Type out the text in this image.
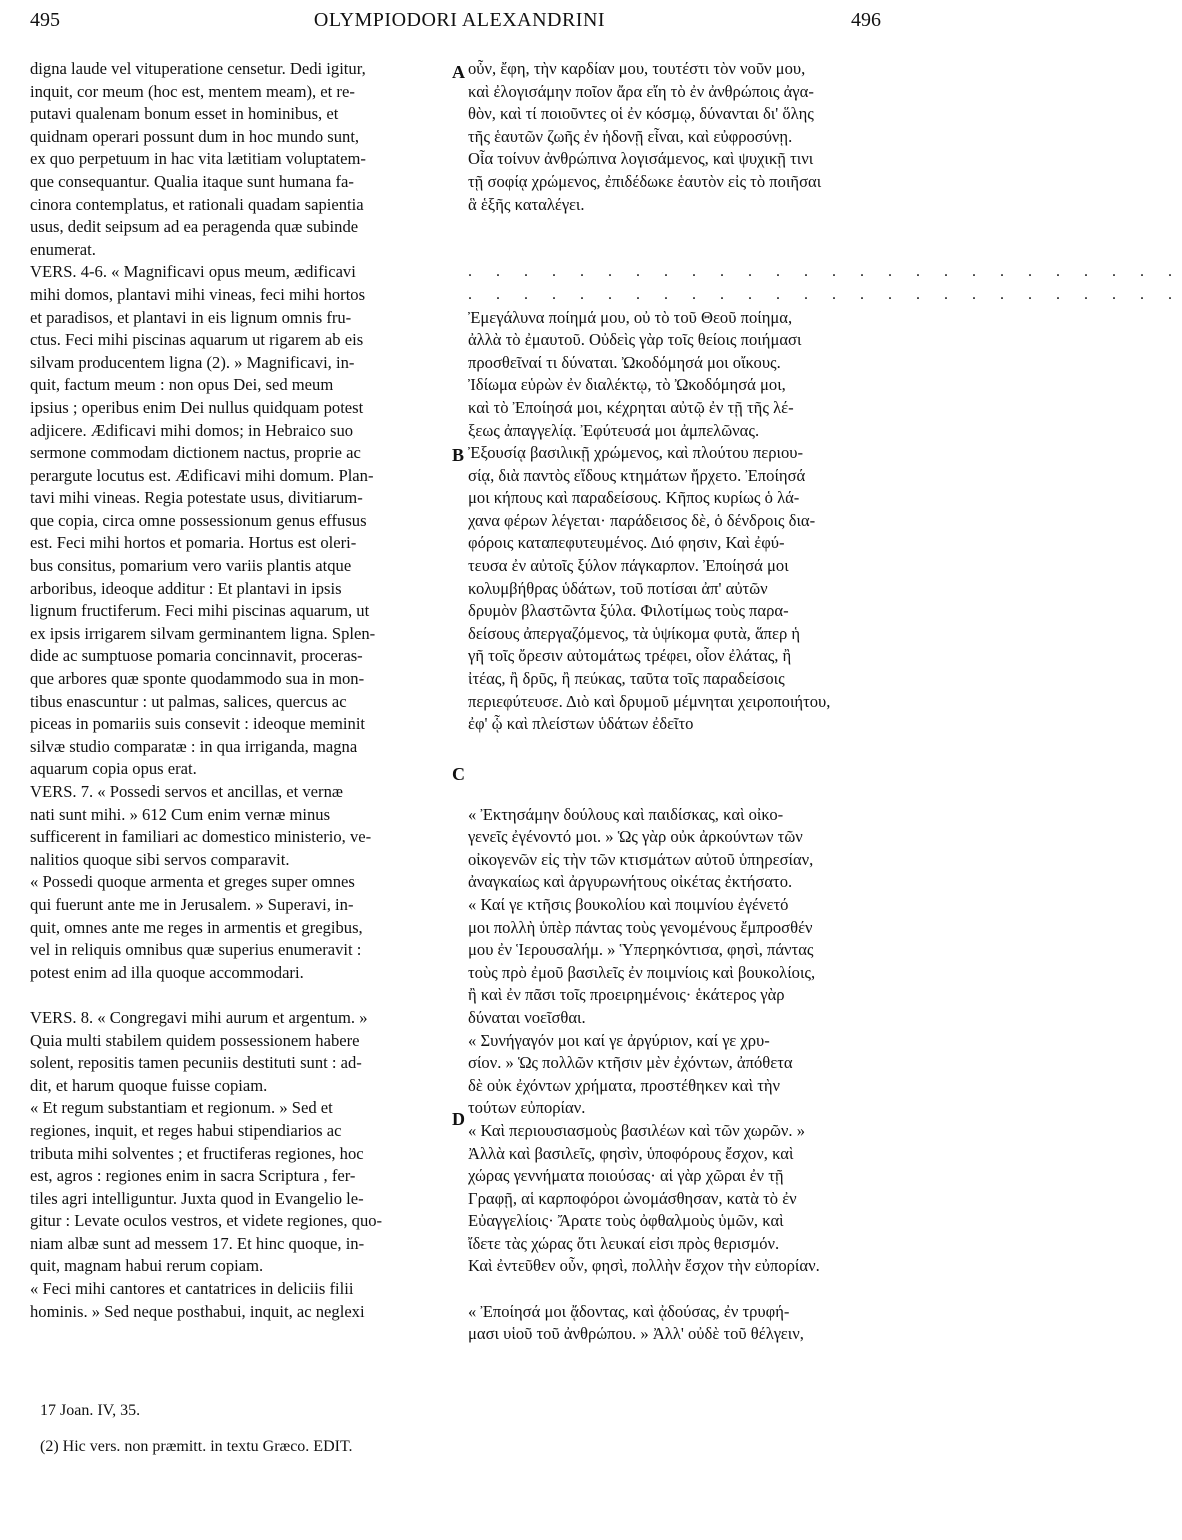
495	OLYMPIODORI ALEXANDRINI	496
digna laude vel vituperatione censetur. Dedi igitur,
inquit, cor meum (hoc est, mentem meam), et re-
putavi qualenam bonum esset in hominibus, et
quidnam operari possunt dum in hoc mundo sunt,
ex quo perpetuum in hac vita lætitiam voluptatem-
que consequantur. Qualia itaque sunt humana fa-
cinora contemplatus, et rationali quadam sapientia
usus, dedit seipsum ad ea peragenda quæ subinde
enumerat.
VERS. 4-6. « Magnificavi opus meum, ædificavi
mihi domos, plantavi mihi vineas, feci mihi hortos
et paradisos, et plantavi in eis lignum omnis fru-
ctus. Feci mihi piscinas aquarum ut rigarem ab eis
silvam producentem ligna (2). » Magnificavi, in-
quit, factum meum : non opus Dei, sed meum
ipsius ; operibus enim Dei nullus quidquam potest
adjicere. Ædificavi mihi domos; in Hebraico suo
sermone commodam dictionem nactus, proprie ac
perargute locutus est. Ædificavi mihi domum. Plan-
tavi mihi vineas. Regia potestate usus, divitiarum-
que copia, circa omne possessionum genus effusus
est. Feci mihi hortos et pomaria. Hortus est oleri-
bus consitus, pomarium vero variis plantis atque
arboribus, ideoque additur : Et plantavi in ipsis
lignum fructiferum. Feci mihi piscinas aquarum, ut
ex ipsis irrigarem silvam germinantem ligna. Splen-
dide ac sumptuose pomaria concinnavit, proceras-
que arbores quæ sponte quodammodo sua in mon-
tibus enascuntur : ut palmas, salices, quercus ac
piceas in pomariis suis consevit : ideoque meminit
silvæ studio comparatæ : in qua irriganda, magna
aquarum copia opus erat.
VERS. 7. « Possedi servos et ancillas, et vernæ
nati sunt mihi. » 612 Cum enim vernæ minus
sufficerent in familiari ac domestico ministerio, ve-
nalitios quoque sibi servos comparavit.
« Possedi quoque armenta et greges super omnes
qui fuerunt ante me in Jerusalem. » Superavi, in-
quit, omnes ante me reges in armentis et gregibus,
vel in reliquis omnibus quæ superius enumeravit :
potest enim ad illa quoque accommodari.
VERS. 8. « Congregavi mihi aurum et argentum. »
Quia multi stabilem quidem possessionem habere
solent, repositis tamen pecuniis destituti sunt : ad-
dit, et harum quoque fuisse copiam.
« Et regum substantiam et regionum. » Sed et
regiones, inquit, et reges habui stipendiarios ac
tributa mihi solventes ; et fructiferas regiones, hoc
est, agros : regiones enim in sacra Scriptura , fer-
tiles agri intelliguntur. Juxta quod in Evangelio le-
gitur : Levate oculos vestros, et videte regiones, quo-
niam albæ sunt ad messem 17. Et hinc quoque, in-
quit, magnam habui rerum copiam.
« Feci mihi cantores et cantatrices in deliciis filii
hominis. » Sed neque posthabui, inquit, ac neglexi
οὖν, ἔφη, τὴν καρδίαν μου, τουτέστι τὸν νοῦν μου,
καὶ ἐλογισάμην ποῖον ἄρα εἴη τὸ ἐν ἀνθρώποις ἀγα-
θὸν, καὶ τί ποιοῦντες οἱ ἐν κόσμῳ, δύνανται δι' ὅλης
τῆς ἑαυτῶν ζωῆς ἐν ἡδονῇ εἶναι, καὶ εὐφροσύνῃ.
Οἷα τοίνυν ἀνθρώπινα λογισάμενος, καὶ ψυχικῇ τινι
τῇ σοφίᾳ χρώμενος, ἐπιδέδωκε ἑαυτὸν εἰς τὸ ποιῆσαι
ἃ ἑξῆς καταλέγει.
. . . . . . . . . . . . . . . . . . . . . . . . . .
. . . . . . . . . . . . . . . . . . . . . . . . . .
Ἐμεγάλυνα ποίημά μου, οὐ τὸ τοῦ Θεοῦ ποίημα,
ἀλλὰ τὸ ἐμαυτοῦ. Οὐδεὶς γὰρ τοῖς θείοις ποιήμασι
προσθεῖναί τι δύναται. Ὠκοδόμησά μοι οἴκους.
Ἰδίωμα εὑρὼν ἐν διαλέκτῳ, τὸ Ὠκοδόμησά μοι,
καὶ τὸ Ἐποίησά μοι, κέχρηται αὐτῷ ἐν τῇ τῆς λέ-
ξεως ἀπαγγελίᾳ. Ἐφύτευσά μοι ἀμπελῶνας.
Ἐξουσίᾳ βασιλικῇ χρώμενος, καὶ πλούτου περιου-
σίᾳ, διὰ παντὸς εἴδους κτημάτων ἤρχετο. Ἐποίησά
μοι κήπους καὶ παραδείσους. Κῆπος κυρίως ὁ λά-
χανα φέρων λέγεται· παράδεισος δὲ, ὁ δένδροις δια-
φόροις καταπεφυτευμένος. Διό φησιν, Καὶ ἐφύ-
τευσα ἐν αὐτοῖς ξύλον πάγκαρπον. Ἐποίησά μοι
κολυμβήθρας ὑδάτων, τοῦ ποτίσαι ἀπ' αὐτῶν
δρυμὸν βλαστῶντα ξύλα. Φιλοτίμως τοὺς παρα-
δείσους ἀπεργαζόμενος, τὰ ὑψίκομα φυτὰ, ἅπερ ἡ
γῆ τοῖς ὄρεσιν αὐτομάτως τρέφει, οἷον ἐλάτας, ἢ
ἰτέας, ἢ δρῦς, ἢ πεύκας, ταῦτα τοῖς παραδείσοις
περιεφύτευσε. Διὸ καὶ δρυμοῦ μέμνηται χειροποιήτου,
ἐφ' ᾧ καὶ πλείστων ὑδάτων ἐδεῖτο
« Ἐκτησάμην δούλους καὶ παιδίσκας, καὶ οἰκο-
γενεῖς ἐγένοντό μοι. » Ὡς γὰρ οὐκ ἀρκούντων τῶν
οἰκογενῶν εἰς τὴν τῶν κτισμάτων αὐτοῦ ὑπηρεσίαν,
ἀναγκαίως καὶ ἀργυρωνήτους οἰκέτας ἐκτήσατο.
« Καί γε κτῆσις βουκολίου καὶ ποιμνίου ἐγένετό
μοι πολλὴ ὑπὲρ πάντας τοὺς γενομένους ἔμπροσθέν
μου ἐν Ἱερουσαλήμ. » Ὑπερηκόντισα, φησὶ, πάντας
τοὺς πρὸ ἐμοῦ βασιλεῖς ἐν ποιμνίοις καὶ βουκολίοις,
ἢ καὶ ἐν πᾶσι τοῖς προειρημένοις· ἑκάτερος γὰρ
δύναται νοεῖσθαι.
« Συνήγαγόν μοι καί γε ἀργύριον, καί γε χρυ-
σίον. » Ὡς πολλῶν κτῆσιν μὲν ἐχόντων, ἀπόθετα
δὲ οὐκ ἐχόντων χρήματα, προστέθηκεν καὶ τὴν
τούτων εὐπορίαν.
« Καὶ περιουσιασμοὺς βασιλέων καὶ τῶν χωρῶν. »
Ἀλλὰ καὶ βασιλεῖς, φησὶν, ὑποφόρους ἔσχον, καὶ
χώρας γεννήματα ποιούσας· αἱ γὰρ χῶραι ἐν τῇ
Γραφῇ, αἱ καρποφόροι ὠνομάσθησαν, κατὰ τὸ ἐν
Εὐαγγελίοις· Ἄρατε τοὺς ὀφθαλμοὺς ὑμῶν, καὶ
ἴδετε τὰς χώρας ὅτι λευκαί εἰσι πρὸς θερισμόν.
Καὶ ἐντεῦθεν οὖν, φησὶ, πολλὴν ἔσχον τὴν εὐπορίαν.
« Ἐποίησά μοι ᾄδοντας, καὶ ᾀδούσας, ἐν τρυφή-
μασι υἱοῦ τοῦ ἀνθρώπου. » Ἀλλ' οὐδὲ τοῦ θέλγειν,
A
B
C
D
17 Joan. IV, 35.
(2) Hic vers. non præmitt. in textu Græco. EDIT.
